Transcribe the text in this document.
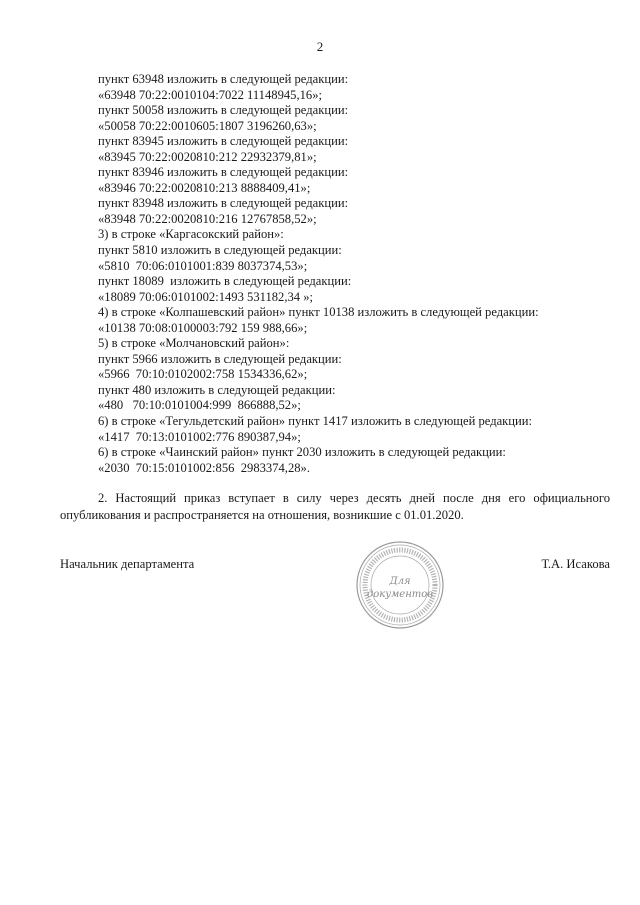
2
пункт 63948 изложить в следующей редакции:
«63948 70:22:0010104:7022 11148945,16»;
пункт 50058 изложить в следующей редакции:
«50058 70:22:0010605:1807 3196260,63»;
пункт 83945 изложить в следующей редакции:
«83945 70:22:0020810:212 22932379,81»;
пункт 83946 изложить в следующей редакции:
«83946 70:22:0020810:213 8888409,41»;
пункт 83948 изложить в следующей редакции:
«83948 70:22:0020810:216 12767858,52»;
3) в строке «Каргасокский район»:
пункт 5810 изложить в следующей редакции:
«5810  70:06:0101001:839 8037374,53»;
пункт 18089  изложить в следующей редакции:
«18089 70:06:0101002:1493 531182,34 »;
4) в строке «Колпашевский район» пункт 10138 изложить в следующей редакции:
«10138 70:08:0100003:792 159 988,66»;
5) в строке «Молчановский район»:
пункт 5966 изложить в следующей редакции:
«5966  70:10:0102002:758 1534336,62»;
пункт 480 изложить в следующей редакции:
«480   70:10:0101004:999  866888,52»;
6) в строке «Тегульдетский район» пункт 1417 изложить в следующей редакции:
«1417  70:13:0101002:776 890387,94»;
6) в строке «Чаинский район» пункт 2030 изложить в следующей редакции:
«2030  70:15:0101002:856  2983374,28».
2. Настоящий приказ вступает в силу через десять дней после дня его официального опубликования и распространяется на отношения, возникшие с 01.01.2020.
Начальник департамента	Т.А. Исакова
Для
документов
